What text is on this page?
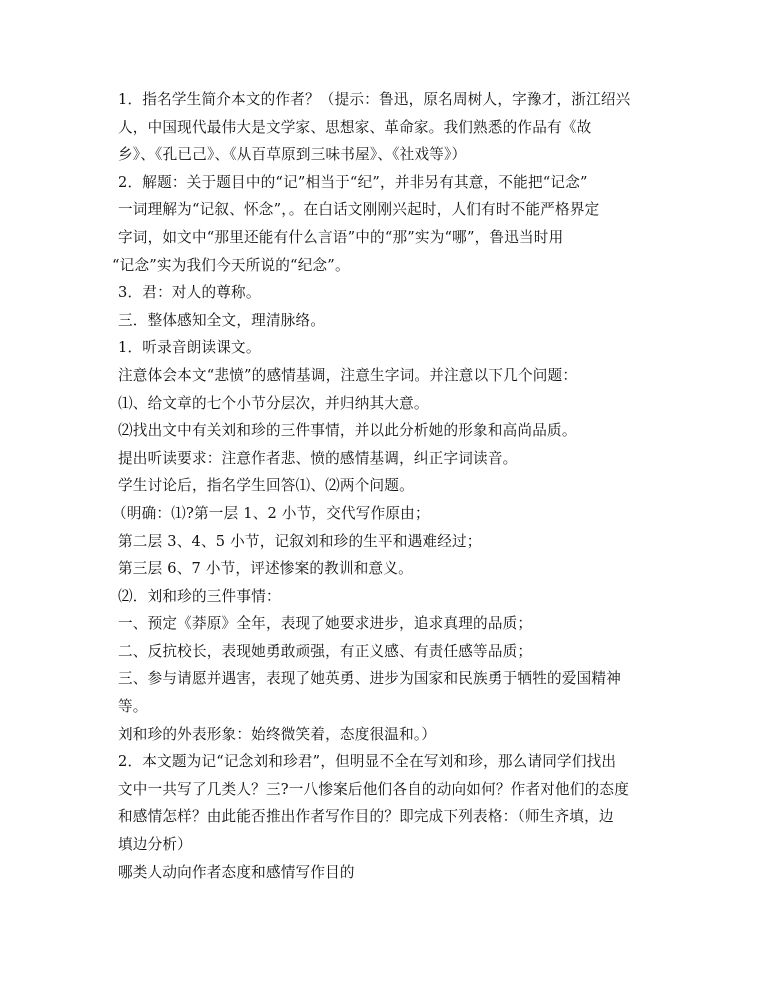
1．指名学生简介本文的作者？（提示：鲁迅，原名周树人，字豫才，浙江绍兴
人，中国现代最伟大是文学家、思想家、革命家。我们熟悉的作品有《故
乡》、《孔已己》、《从百草原到三味书屋》、《社戏等》）
2．解题：关于题目中的“记”相当于“纪”，并非另有其意，不能把“记念”
一词理解为“记叙、怀念”，。在白话文刚刚兴起时，人们有时不能严格界定
字词，如文中“那里还能有什么言语”中的“那”实为“哪”，鲁迅当时用
“记念”实为我们今天所说的“纪念”。
3．君：对人的尊称。
三．整体感知全文，理清脉络。
1．听录音朗读课文。
注意体会本文“悲愤”的感情基调，注意生字词。并注意以下几个问题：
⑴、给文章的七个小节分层次，并归纳其大意。
⑵找出文中有关刘和珍的三件事情，并以此分析她的形象和高尚品质。
提出听读要求：注意作者悲、愤的感情基调，纠正字词读音。
学生讨论后，指名学生回答⑴、⑵两个问题。
（明确：⑴?第一层 1、2 小节，交代写作原由；
第二层 3、4、5 小节，记叙刘和珍的生平和遇难经过；
第三层 6、7 小节，评述惨案的教训和意义。
⑵．刘和珍的三件事情：
一、预定《莽原》全年，表现了她要求进步，追求真理的品质；
二、反抗校长，表现她勇敢顽强，有正义感、有责任感等品质；
三、参与请愿并遇害，表现了她英勇、进步为国家和民族勇于牺牲的爱国精神
等。
刘和珍的外表形象：始终微笑着，态度很温和。）
2．本文题为记“记念刘和珍君”，但明显不全在写刘和珍，那么请同学们找出
文中一共写了几类人？三?一八惨案后他们各自的动向如何？作者对他们的态度
和感情怎样？由此能否推出作者写作目的？即完成下列表格：（师生齐填，边
填边分析）
哪类人动向作者态度和感情写作目的
